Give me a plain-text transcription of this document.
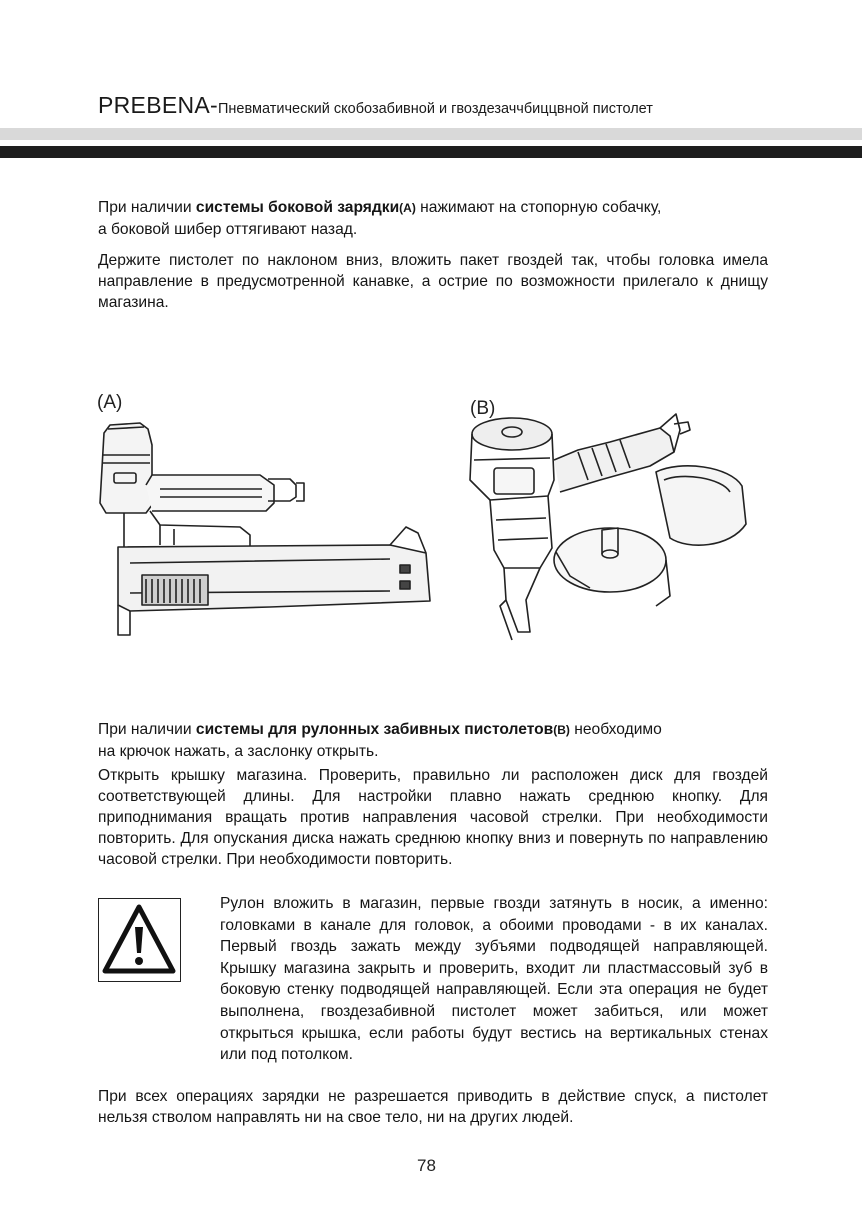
PREBENA-Пневматический скобозабивной и гвоздезаччбиццвной пистолет
При наличии системы боковой зарядки(A) нажимают на стопорную собачку,
а боковой шибер оттягивают назад.

Держите пистолет по наклоном вниз, вложить пакет гвоздей так, чтобы головка имела направление в предусмотренной канавке, а острие по возможности прилегало к днищу магазина.

(A)	(B)
При наличии системы для рулонных забивных пистолетов(B) необходимо
на крючок нажать, а заслонку открыть.

Открыть крышку магазина. Проверить, правильно ли расположен диск для гвоздей соответствующей длины. Для настройки плавно нажать среднюю кнопку. Для приподнимания вращать против направления часовой стрелки. При необходимости повторить. Для опускания диска нажать среднюю кнопку вниз и повернуть по направлению часовой стрелки. При необходимости повторить.

Рулон вложить в магазин, первые гвозди затянуть в носик, а именно: головками в канале для головок, а обоими проводами - в их каналах. Первый гвоздь зажать между зубъями подводящей направляющей. Крышку магазина закрыть и проверить, входит ли пластмассовый зуб в боковую стенку подводящей направляющей. Если эта операция не будет выполнена, гвоздезабивной пистолет может забиться, или может открыться крышка, если работы будут вестись на вертикальных стенах или под потолком.

При всех операциях зарядки не разрешается приводить в действие спуск, а пистолет нельзя стволом направлять ни на свое тело, ни на других людей.

78
